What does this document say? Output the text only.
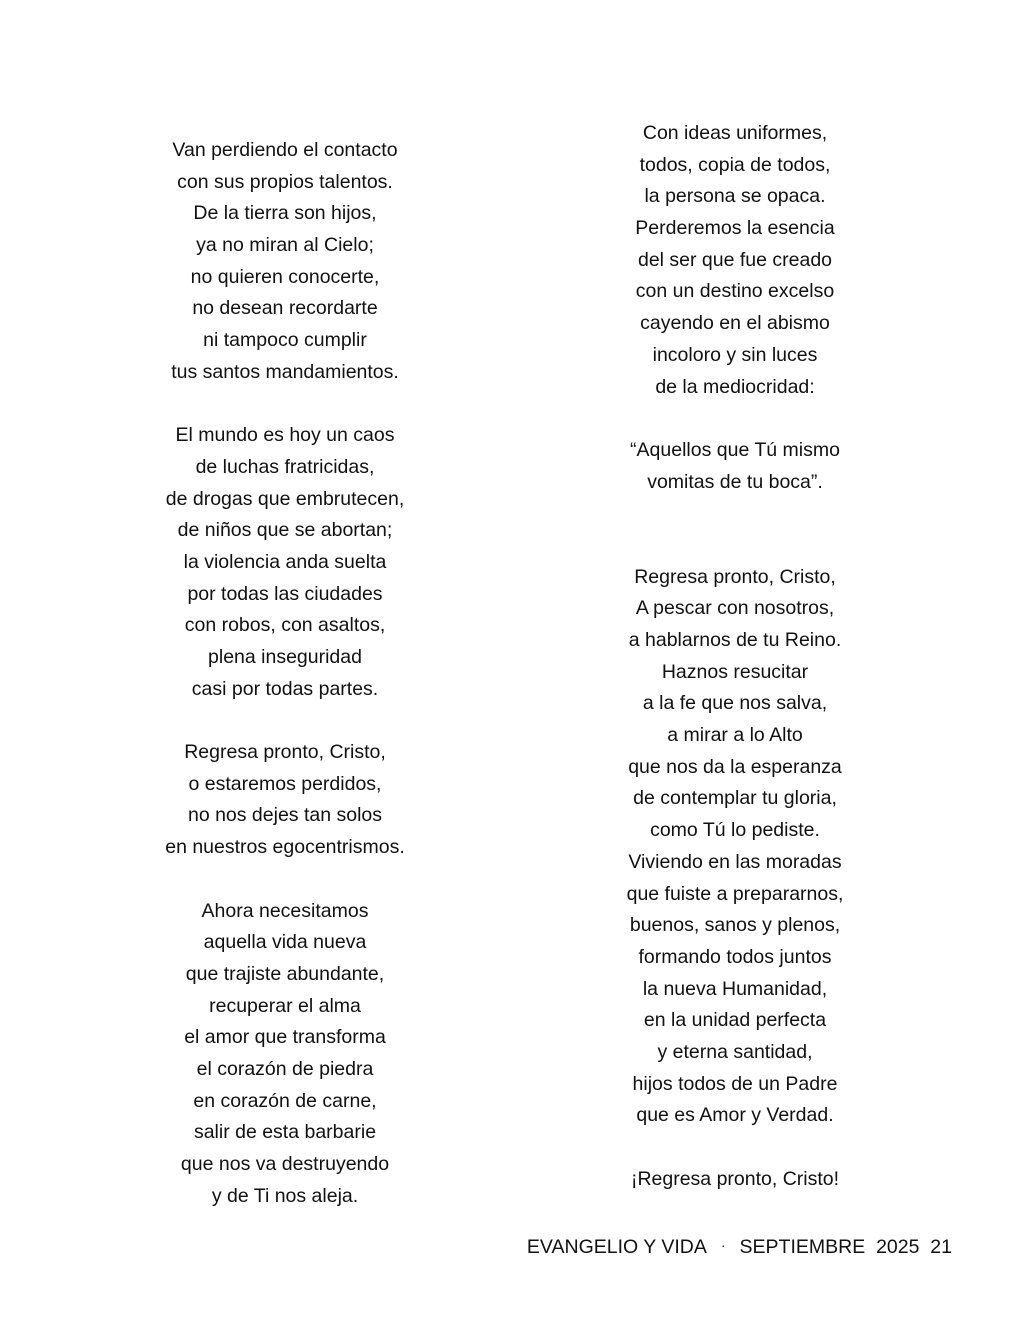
Van perdiendo el contacto
con sus propios talentos.
De la tierra son hijos,
ya no miran al Cielo;
no quieren conocerte,
no desean recordarte
ni tampoco cumplir
tus santos mandamientos.
El mundo es hoy un caos
de luchas fratricidas,
de drogas que embrutecen,
de niños que se abortan;
la violencia anda suelta
por todas las ciudades
con robos, con asaltos,
plena inseguridad
casi por todas partes.
Regresa pronto, Cristo,
o estaremos perdidos,
no nos dejes tan solos
en nuestros egocentrismos.
Ahora necesitamos
aquella vida nueva
que trajiste abundante,
recuperar el alma
el amor que transforma
el corazón de piedra
en corazón de carne,
salir de esta barbarie
que nos va destruyendo
y de Ti nos aleja.
Con ideas uniformes,
todos, copia de todos,
la persona se opaca.
Perderemos la esencia
del ser que fue creado
con un destino excelso
cayendo en el abismo
incoloro y sin luces
de la mediocridad:
“Aquellos que Tú mismo
vomitas de tu boca”.
Regresa pronto, Cristo,
A pescar con nosotros,
a hablarnos de tu Reino.
Haznos resucitar
a la fe que nos salva,
a mirar a lo Alto
que nos da la esperanza
de contemplar tu gloria,
como Tú lo pediste.
Viviendo en las moradas
que fuiste a prepararnos,
buenos, sanos y plenos,
formando todos juntos
la nueva Humanidad,
en la unidad perfecta
y eterna santidad,
hijos todos de un Padre
que es Amor y Verdad.
¡Regresa pronto, Cristo!
EVANGELIO Y VIDA · SEPTIEMBRE 2025 21
